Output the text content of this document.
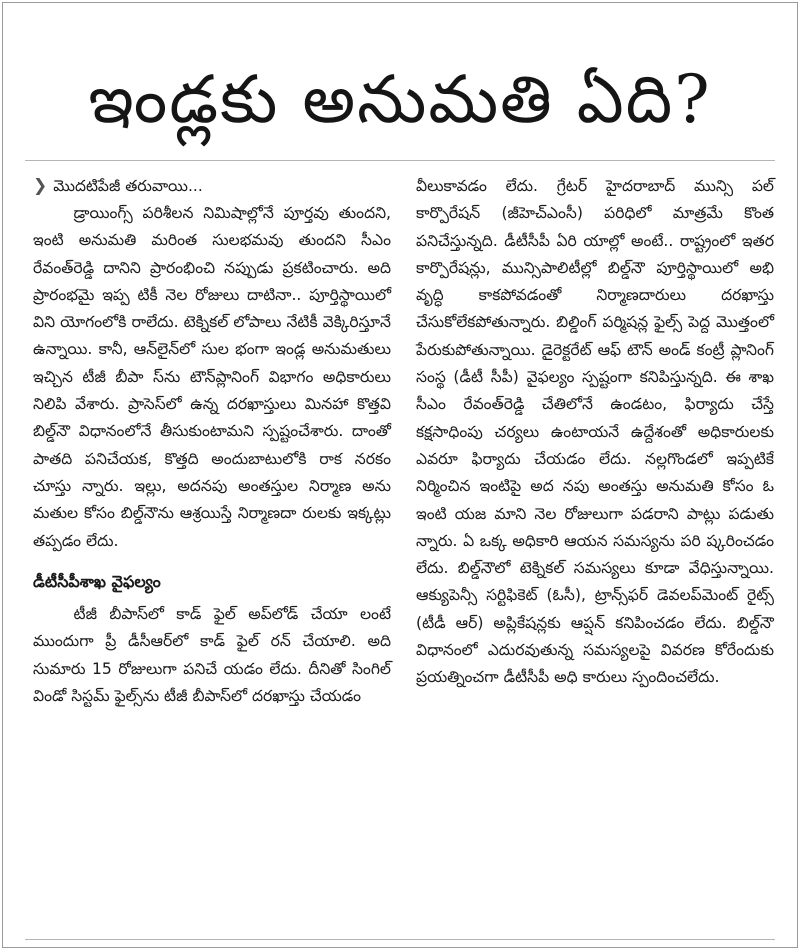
ఇండ్లకు అనుమతి ఏది?
❯ మొదటిపేజీ తరువాయి...

డ్రాయింగ్స్ పరిశీలన నిమిషాల్లోనే పూర్తవు తుందని, ఇంటి అనుమతి మరింత సులభమవు తుందని సీఎం రేవంత్‌రెడ్డి దానిని ప్రారంభించి నప్పుడు ప్రకటించారు. అది ప్రారంభమై ఇప్ప టికీ నెల రోజులు దాటినా.. పూర్తిస్థాయిలో విని యోగంలోకి రాలేదు. టెక్నికల్ లోపాలు నేటికీ వెక్కిరిస్తూనే ఉన్నాయి. కానీ, ఆన్‌లైన్‌లో సుల భంగా ఇండ్ల అనుమతులు ఇచ్చిన టీజీ బీపా స్‌ను టౌన్‌ప్లానింగ్ విభాగం అధికారులు నిలిపి వేశారు. ప్రాసెస్‌లో ఉన్న దరఖాస్తులు మినహా కొత్తవి బిల్డ్‌నౌ విధానంలోనే తీసుకుంటామని స్పష్టంచేశారు. దాంతో పాతది పనిచేయక, కొత్తది అందుబాటులోకి రాక నరకం చూస్తు న్నారు. ఇల్లు, అదనపు అంతస్తుల నిర్మాణ అను మతుల కోసం బిల్డ్‌నౌను ఆశ్రయిస్తే నిర్మాణదా రులకు ఇక్కట్లు తప్పడం లేదు.

డీటీసీపీశాఖ వైఫల్యం

టీజీ బీపాస్‌లో కాడ్ ఫైల్ అప్‌లోడ్ చేయా లంటే ముందుగా ప్రీ డీసీఆర్‌లో కాడ్ ఫైల్ రన్ చేయాలి. అది సుమారు 15 రోజులుగా పనిచే యడం లేదు. దీనితో సింగిల్ విండో సిస్టమ్ ఫైల్స్‌ను టీజీ బీపాస్‌లో దరఖాస్తు చేయడం

వీలుకావడం లేదు. గ్రేటర్ హైదరాబాద్ మున్సి పల్ కార్పొరేషన్ (జీహెచ్ఎంసీ) పరిధిలో మాత్రమే కొంత పనిచేస్తున్నది. డీటీసీపీ ఏరి యాల్లో అంటే.. రాష్ట్రంలో ఇతర కార్పొరేషన్లు, మున్సిపాలిటీల్లో బిల్డ్‌నౌ పూర్తిస్థాయిలో అభి వృద్ధి కాకపోవడంతో నిర్మాణదారులు దరఖాస్తు చేసుకోలేకపోతున్నారు. బిల్డింగ్ పర్మిషన్ల ఫైల్స్ పెద్ద మొత్తంలో పేరుకుపోతున్నాయి. డైరెక్టరేట్ ఆఫ్ టౌన్ అండ్ కంట్రీ ప్లానింగ్ సంస్థ (డీటీ సీపీ) వైఫల్యం స్పష్టంగా కనిపిస్తున్నది. ఈ శాఖ సీఎం రేవంత్‌రెడ్డి చేతిలోనే ఉండటం, ఫిర్యాదు చేస్తే కక్షసాధింపు చర్యలు ఉంటాయనే ఉద్దేశంతో అధికారులకు ఎవరూ ఫిర్యాదు చేయడం లేదు. నల్లగొండలో ఇప్పటికే నిర్మించిన ఇంటిపై అద నపు అంతస్తు అనుమతి కోసం ఓ ఇంటి యజ మాని నెల రోజులుగా పడరాని పాట్లు పడుతు న్నారు. ఏ ఒక్క అధికారి ఆయన సమస్యను పరి ష్కరించడం లేదు. బిల్డ్‌నౌలో టెక్నికల్ సమస్యలు కూడా వేధిస్తున్నాయి. ఆక్యుపెన్సీ సర్టిఫికెట్ (ఓసీ), ట్రాన్స్‌ఫర్ డెవలప్‌మెంట్ రైట్స్ (టీడీ ఆర్) అప్లికేషన్లకు ఆప్షన్ కనిపించడం లేదు. బిల్డ్‌నౌ విధానంలో ఎదురవుతున్న సమస్యలపై వివరణ కోరేందుకు ప్రయత్నించగా డీటీసీపీ అధి కారులు స్పందించలేదు.
